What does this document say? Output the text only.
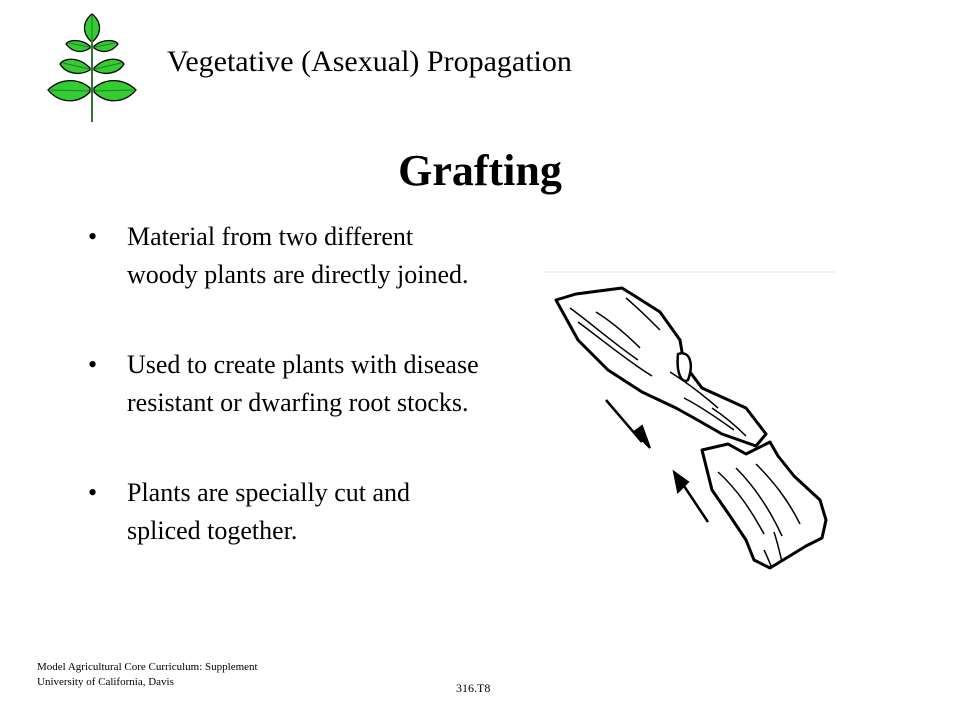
Vegetative (Asexual) Propagation
Grafting
• Material from two different woody plants are directly joined.
• Used to create plants with disease resistant or dwarfing root stocks.
• Plants are specially cut and spliced together.
Model Agricultural Core Curriculum: Supplement
University of California, Davis	316.T8
